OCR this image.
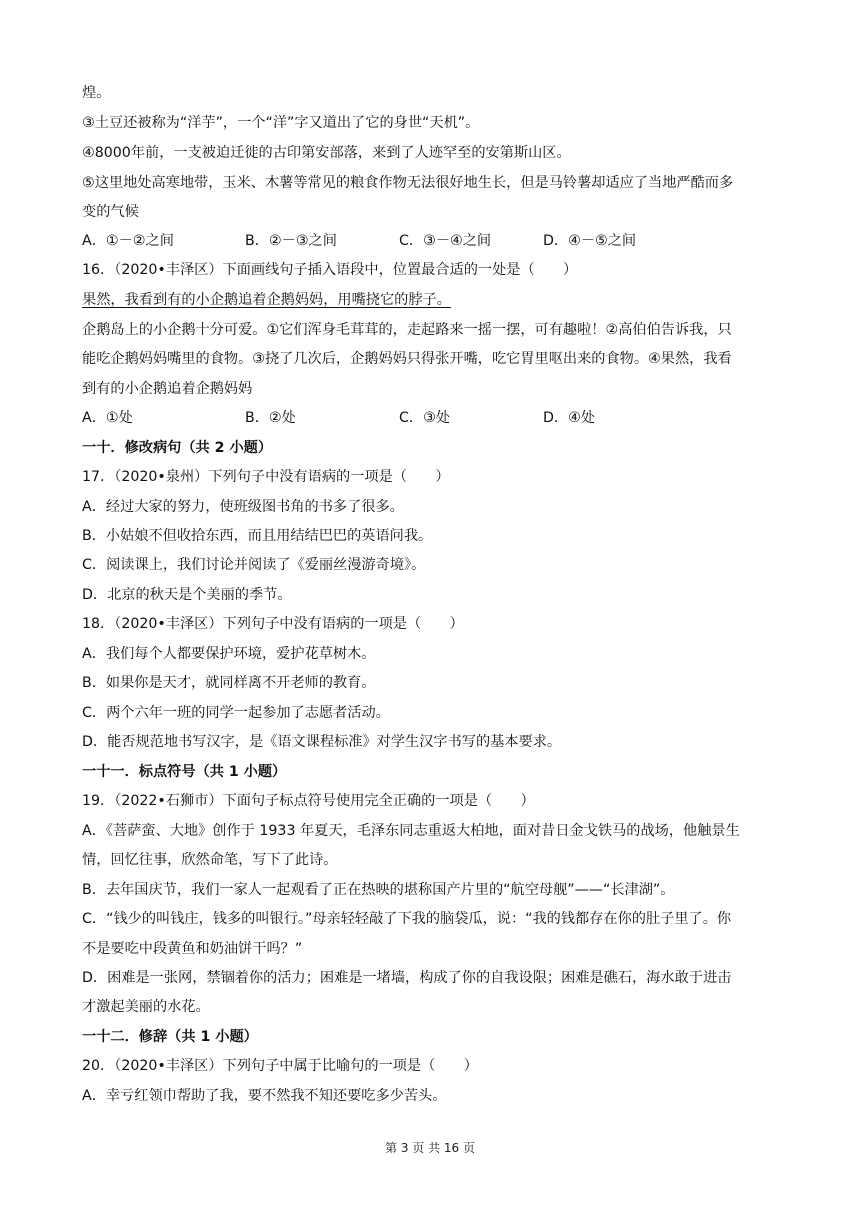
煌。
③土豆还被称为“洋芋”，一个“洋”字又道出了它的身世“天机”。
④8000年前，一支被迫迁徙的古印第安部落，来到了人迹罕至的安第斯山区。
⑤这里地处高寒地带，玉米、木薯等常见的粮食作物无法很好地生长，但是马铃薯却适应了当地严酷而多
变的气候
A．①－②之间	B．②－③之间	C．③－④之间	D．④－⑤之间
16．（2020•丰泽区）下面画线句子插入语段中，位置最合适的一处是（　　）
果然，我看到有的小企鹅追着企鹅妈妈，用嘴挠它的脖子。
企鹅岛上的小企鹅十分可爱。①它们浑身毛茸茸的，走起路来一摇一摆，可有趣啦！②高伯伯告诉我，只
能吃企鹅妈妈嘴里的食物。③挠了几次后，企鹅妈妈只得张开嘴，吃它胃里呕出来的食物。④果然，我看
到有的小企鹅追着企鹅妈妈
A．①处	B．②处	C．③处	D．④处
一十．修改病句（共 2 小题）
17．（2020•泉州）下列句子中没有语病的一项是（　　）
A．经过大家的努力，使班级图书角的书多了很多。
B．小姑娘不但收拾东西，而且用结结巴巴的英语问我。
C．阅读课上，我们讨论并阅读了《爱丽丝漫游奇境》。
D．北京的秋天是个美丽的季节。
18．（2020•丰泽区）下列句子中没有语病的一项是（　　）
A．我们每个人都要保护环境，爱护花草树木。
B．如果你是天才，就同样离不开老师的教育。
C．两个六年一班的同学一起参加了志愿者活动。
D．能否规范地书写汉字，是《语文课程标准》对学生汉字书写的基本要求。
一十一．标点符号（共 1 小题）
19．（2022•石狮市）下面句子标点符号使用完全正确的一项是（　　）
A．《菩萨蛮、大地》创作于 1933 年夏天，毛泽东同志重返大柏地，面对昔日金戈铁马的战场，他触景生
情，回忆往事，欣然命笔，写下了此诗。
B．去年国庆节，我们一家人一起观看了正在热映的堪称国产片里的“航空母舰”——“长津湖”。
C．“钱少的叫钱庄，钱多的叫银行。”母亲轻轻敲了下我的脑袋瓜，说：“我的钱都存在你的肚子里了。你
不是要吃中段黄鱼和奶油饼干吗？”
D．困难是一张网，禁锢着你的活力；困难是一堵墙，构成了你的自我设限；困难是礁石，海水敢于进击
才激起美丽的水花。
一十二．修辞（共 1 小题）
20．（2020•丰泽区）下列句子中属于比喻句的一项是（　　）
A．幸亏红领巾帮助了我，要不然我不知还要吃多少苦头。
第 3 页 共 16 页
